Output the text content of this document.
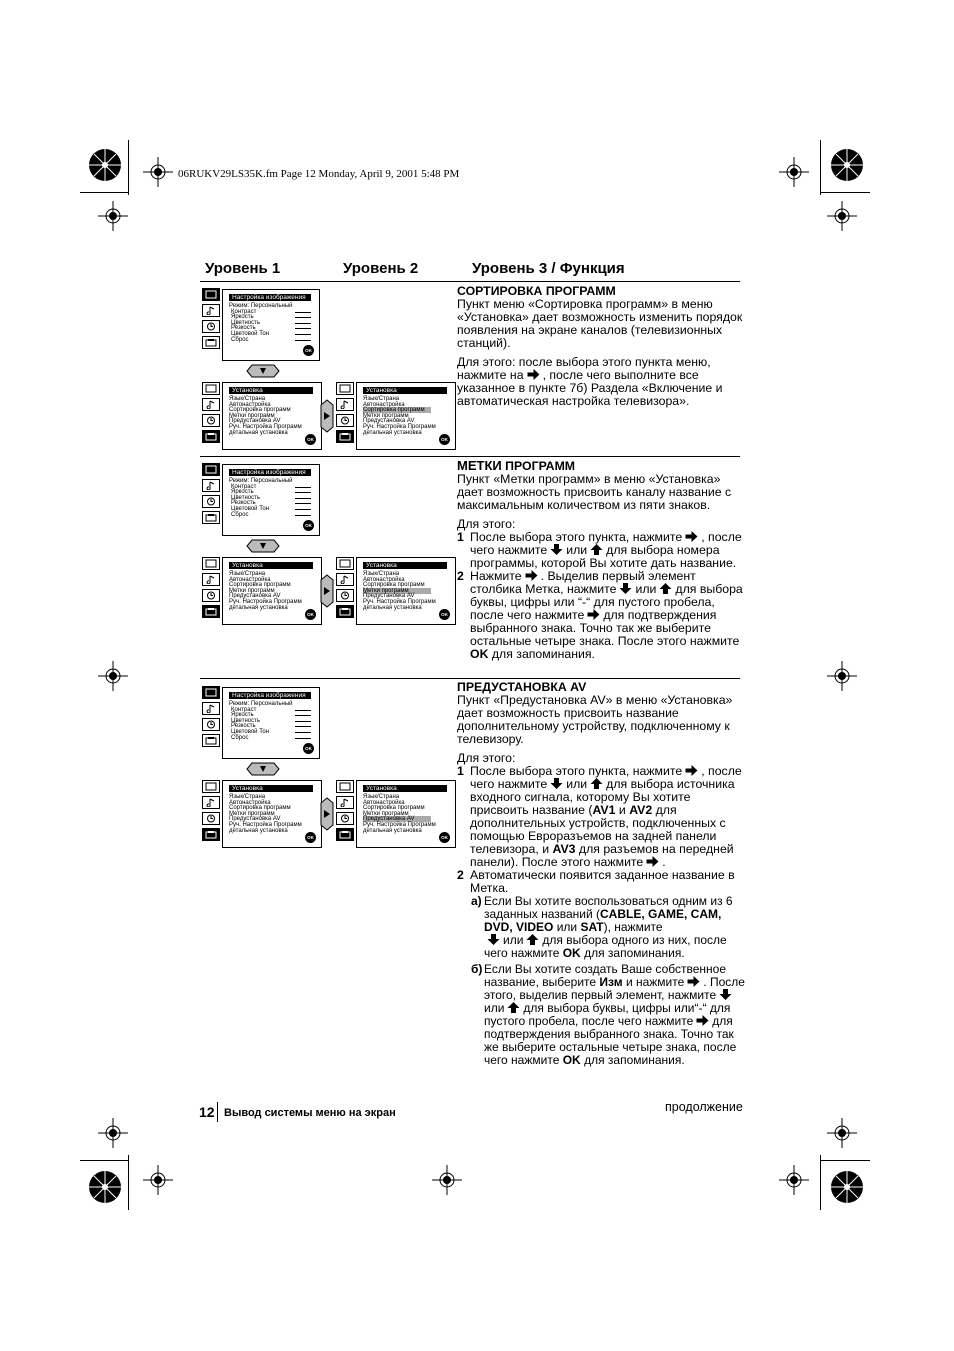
06RUKV29LS35K.fm Page 12 Monday, April 9, 2001 5:48 PM
Уровень 1	Уровень 2	Уровень 3 / Функция
Настройка изображения
Режим: Персональный
Контраст
Яркость
Цветность
Резкость
Цветовой Тон
Сброс
OK
Установка
Язык/Страна
Автонастройка
Сортировка программ
Метки программ
Предустановка AV
Руч. Настройка Программ
детальная установка
OK
Установка
Язык/Страна
Автонастройка
Сортировка программ
Метки программ
Предустановка AV
Руч. Настройка Программ
детальная установка
OK
Настройка изображения
Режим: Персональный
Контраст
Яркость
Цветность
Резкость
Цветовой Тон
Сброс
OK
Установка
Язык/Страна
Автонастройка
Сортировка программ
Метки программ
Предустановка AV
Руч. Настройка Программ
детальная установка
OK
Установка
Язык/Страна
Автонастройка
Сортировка программ
Метки программ
Предустановка AV
Руч. Настройка Программ
детальная установка
OK
Настройка изображения
Режим: Персональный
Контраст
Яркость
Цветность
Резкость
Цветовой Тон
Сброс
OK
Установка
Язык/Страна
Автонастройка
Сортировка программ
Метки программ
Предустановка AV
Руч. Настройка Программ
детальная установка
OK
Установка
Язык/Страна
Автонастройка
Сортировка программ
Метки программ
Предустановка AV
Руч. Настройка Программ
детальная установка
OK

СОРТИРОВКА ПРОГРАММ

Пункт меню «Сортировка программ» в меню «Установка» дает возможность изменить порядок появления на экране каналов (телевизионных станций).

Для этого: после выбора этого пункта меню, нажмите на , после чего выполните все указанное в пункте 7б) Раздела «Включение и автоматическая настройка телевизора».

МЕТКИ ПРОГРАММ

Пункт «Метки программ» в меню «Установка» дает возможность присвоить каналу название с максимальным количеством из пяти знаков.

Для этого:

1 После выбора этого пункта, нажмите , после чего нажмите или для выбора номера программы, которой Вы хотите дать название.
2 Нажмите . Выделив первый элемент столбика Метка, нажмите или для выбора буквы, цифры или “-“ для пустого пробела, после чего нажмите для подтверждения выбранного знака. Точно так же выберите остальные четыре знака. После этого нажмите OK для запоминания.

ПРЕДУСТАНОВКА AV

Пункт «Предустановка AV» в меню «Установка» дает возможность присвоить название дополнительному устройству, подключенному к телевизору.

Для этого:

1 После выбора этого пункта, нажмите , после чего нажмите или для выбора источника входного сигнала, которому Вы хотите присвоить название (AV1 и AV2 для дополнительных устройств, подключенных с помощью Евроразъемов на задней панели телевизора, и AV3 для разъемов на передней панели). После этого нажмите .
2 Автоматически появится заданное название в Метка.
а) Если Вы хотите воспользоваться одним из 6 заданных названий (CABLE, GAME, CAM, DVD, VIDEO или SAT), нажмите
или для выбора одного из них, после чего нажмите OK для запоминания.
б) Если Вы хотите создать Ваше собственное название, выберите Изм и нажмите . После этого, выделив первый элемент, нажмитеили для выбора буквы, цифры или“-“ для пустого пробела, после чего нажмите для подтверждения выбранного знака. Точно так же выберите остальные четыре знака, после чего нажмите OK для запоминания.
12 Вывод системы меню на экран	продолжение
